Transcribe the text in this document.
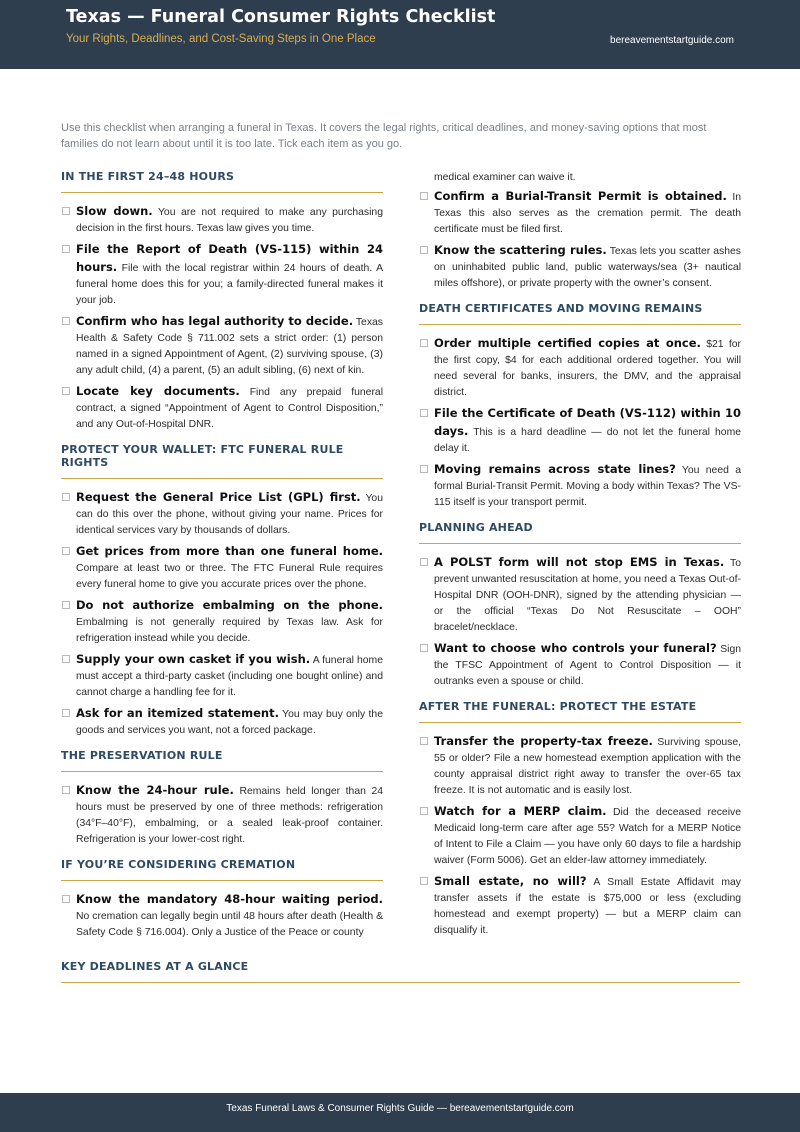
Texas — Funeral Consumer Rights Checklist
Your Rights, Deadlines, and Cost-Saving Steps in One Place	bereavementstartguide.com
Use this checklist when arranging a funeral in Texas. It covers the legal rights, critical deadlines, and money-saving options that most families do not learn about until it is too late. Tick each item as you go.
IN THE FIRST 24–48 HOURS
Slow down. You are not required to make any purchasing decision in the first hours. Texas law gives you time.
File the Report of Death (VS-115) within 24 hours. File with the local registrar within 24 hours of death. A funeral home does this for you; a family-directed funeral makes it your job.
Confirm who has legal authority to decide. Texas Health & Safety Code § 711.002 sets a strict order: (1) person named in a signed Appointment of Agent, (2) surviving spouse, (3) any adult child, (4) a parent, (5) an adult sibling, (6) next of kin.
Locate key documents. Find any prepaid funeral contract, a signed “Appointment of Agent to Control Disposition,” and any Out-of-Hospital DNR.
PROTECT YOUR WALLET: FTC FUNERAL RULE RIGHTS
Request the General Price List (GPL) first. You can do this over the phone, without giving your name. Prices for identical services vary by thousands of dollars.
Get prices from more than one funeral home. Compare at least two or three. The FTC Funeral Rule requires every funeral home to give you accurate prices over the phone.
Do not authorize embalming on the phone. Embalming is not generally required by Texas law. Ask for refrigeration instead while you decide.
Supply your own casket if you wish. A funeral home must accept a third-party casket (including one bought online) and cannot charge a handling fee for it.
Ask for an itemized statement. You may buy only the goods and services you want, not a forced package.
THE PRESERVATION RULE
Know the 24-hour rule. Remains held longer than 24 hours must be preserved by one of three methods: refrigeration (34°F–40°F), embalming, or a sealed leak-proof container. Refrigeration is your lower-cost right.
IF YOU’RE CONSIDERING CREMATION
Know the mandatory 48-hour waiting period. No cremation can legally begin until 48 hours after death (Health & Safety Code § 716.004). Only a Justice of the Peace or county
medical examiner can waive it.
Confirm a Burial-Transit Permit is obtained. In Texas this also serves as the cremation permit. The death certificate must be filed first.
Know the scattering rules. Texas lets you scatter ashes on uninhabited public land, public waterways/sea (3+ nautical miles offshore), or private property with the owner’s consent.
DEATH CERTIFICATES AND MOVING REMAINS
Order multiple certified copies at once. $21 for the first copy, $4 for each additional ordered together. You will need several for banks, insurers, the DMV, and the appraisal district.
File the Certificate of Death (VS-112) within 10 days. This is a hard deadline — do not let the funeral home delay it.
Moving remains across state lines? You need a formal Burial-Transit Permit. Moving a body within Texas? The VS-115 itself is your transport permit.
PLANNING AHEAD
A POLST form will not stop EMS in Texas. To prevent unwanted resuscitation at home, you need a Texas Out-of-Hospital DNR (OOH-DNR), signed by the attending physician — or the official “Texas Do Not Resuscitate – OOH” bracelet/necklace.
Want to choose who controls your funeral? Sign the TFSC Appointment of Agent to Control Disposition — it outranks even a spouse or child.
AFTER THE FUNERAL: PROTECT THE ESTATE
Transfer the property-tax freeze. Surviving spouse, 55 or older? File a new homestead exemption application with the county appraisal district right away to transfer the over-65 tax freeze. It is not automatic and is easily lost.
Watch for a MERP claim. Did the deceased receive Medicaid long-term care after age 55? Watch for a MERP Notice of Intent to File a Claim — you have only 60 days to file a hardship waiver (Form 5006). Get an elder-law attorney immediately.
Small estate, no will? A Small Estate Affidavit may transfer assets if the estate is $75,000 or less (excluding homestead and exempt property) — but a MERP claim can disqualify it.
KEY DEADLINES AT A GLANCE
Texas Funeral Laws & Consumer Rights Guide — bereavementstartguide.com
